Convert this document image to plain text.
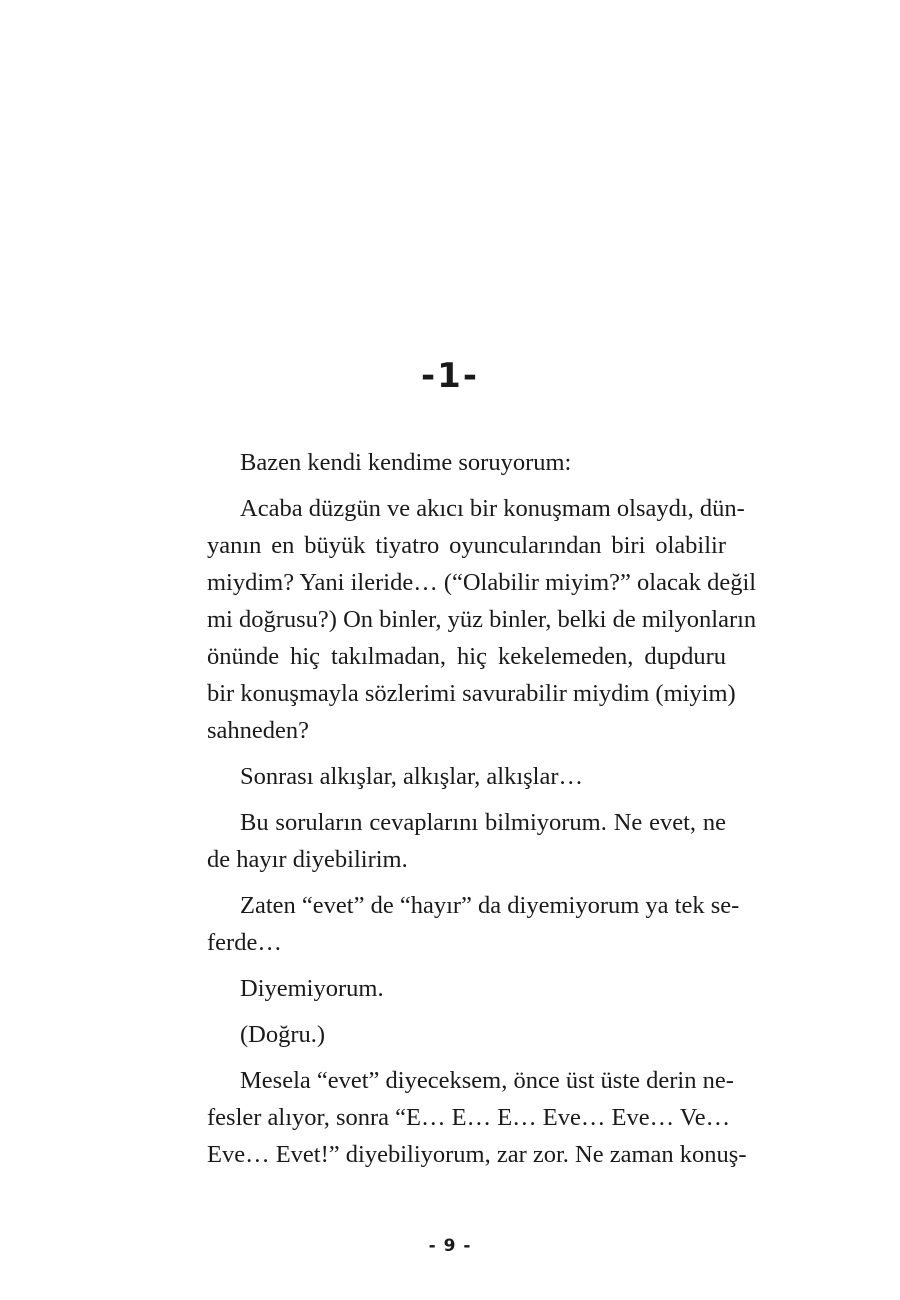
-1-

Bazen kendi kendime soruyorum:

Acaba düzgün ve akıcı bir konuşmam olsaydı, dün-
yanın en büyük tiyatro oyuncularından biri olabilir
miydim? Yani ileride… (“Olabilir miyim?” olacak değil
mi doğrusu?) On binler, yüz binler, belki de milyonların
önünde hiç takılmadan, hiç kekelemeden, dupduru
bir konuşmayla sözlerimi savurabilir miydim (miyim)
sahneden?

Sonrası alkışlar, alkışlar, alkışlar…

Bu soruların cevaplarını bilmiyorum. Ne evet, ne
de hayır diyebilirim.

Zaten “evet” de “hayır” da diyemiyorum ya tek se-
ferde…

Diyemiyorum.

(Doğru.)

Mesela “evet” diyeceksem, önce üst üste derin ne-
fesler alıyor, sonra “E… E… E… Eve… Eve… Ve…
Eve… Evet!” diyebiliyorum, zar zor. Ne zaman konuş-

- 9 -
